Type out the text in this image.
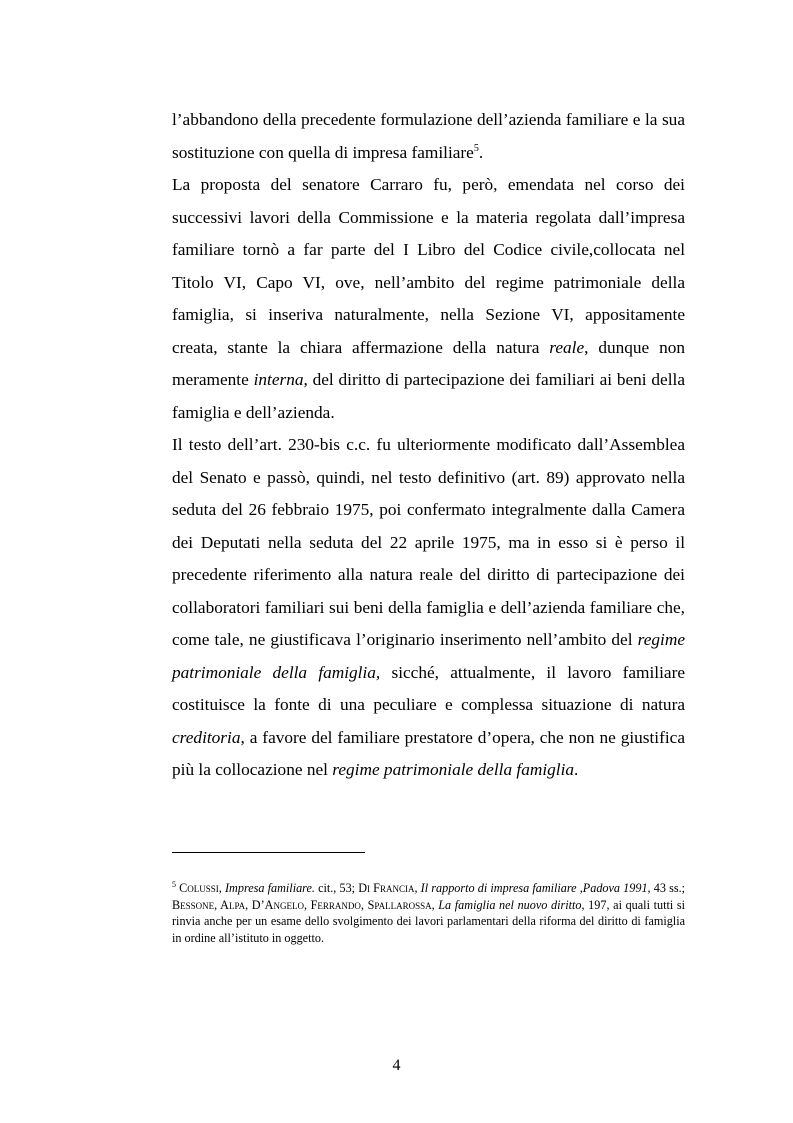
l’abbandono della precedente formulazione dell’azienda familiare e la sua sostituzione con quella di impresa familiare$^5$.

La proposta del senatore Carraro fu, però, emendata nel corso dei successivi lavori della Commissione e la materia regolata dall’impresa familiare tornò a far parte del I Libro del Codice civile,collocata nel Titolo VI, Capo VI, ove, nell’ambito del regime patrimoniale della famiglia, si inseriva naturalmente, nella Sezione VI, appositamente creata, stante la chiara affermazione della natura reale, dunque non meramente interna, del diritto di partecipazione dei familiari ai beni della famiglia e dell’azienda.

Il testo dell’art. 230-bis c.c. fu ulteriormente modificato dall’Assemblea del Senato e passò, quindi, nel testo definitivo (art. 89) approvato nella seduta del 26 febbraio 1975, poi confermato integralmente dalla Camera dei Deputati nella seduta del 22 aprile 1975, ma in esso si è perso il precedente riferimento alla natura reale del diritto di partecipazione dei collaboratori familiari sui beni della famiglia e dell’azienda familiare che, come tale, ne giustificava l’originario inserimento nell’ambito del regime patrimoniale della famiglia, sicché, attualmente, il lavoro familiare costituisce la fonte di una peculiare e complessa situazione di natura creditoria, a favore del familiare prestatore d’opera, che non ne giustifica più la collocazione nel regime patrimoniale della famiglia.

$^5$ Colussi, Impresa familiare. cit., 53; Di Francia, Il rapporto di impresa familiare ,Padova 1991, 43 ss.; Bessone, Alpa, D’Angelo, Ferrando, Spallarossa, La famiglia nel nuovo diritto, 197, ai quali tutti si rinvia anche per un esame dello svolgimento dei lavori parlamentari della riforma del diritto di famiglia in ordine all’istituto in oggetto.
4
